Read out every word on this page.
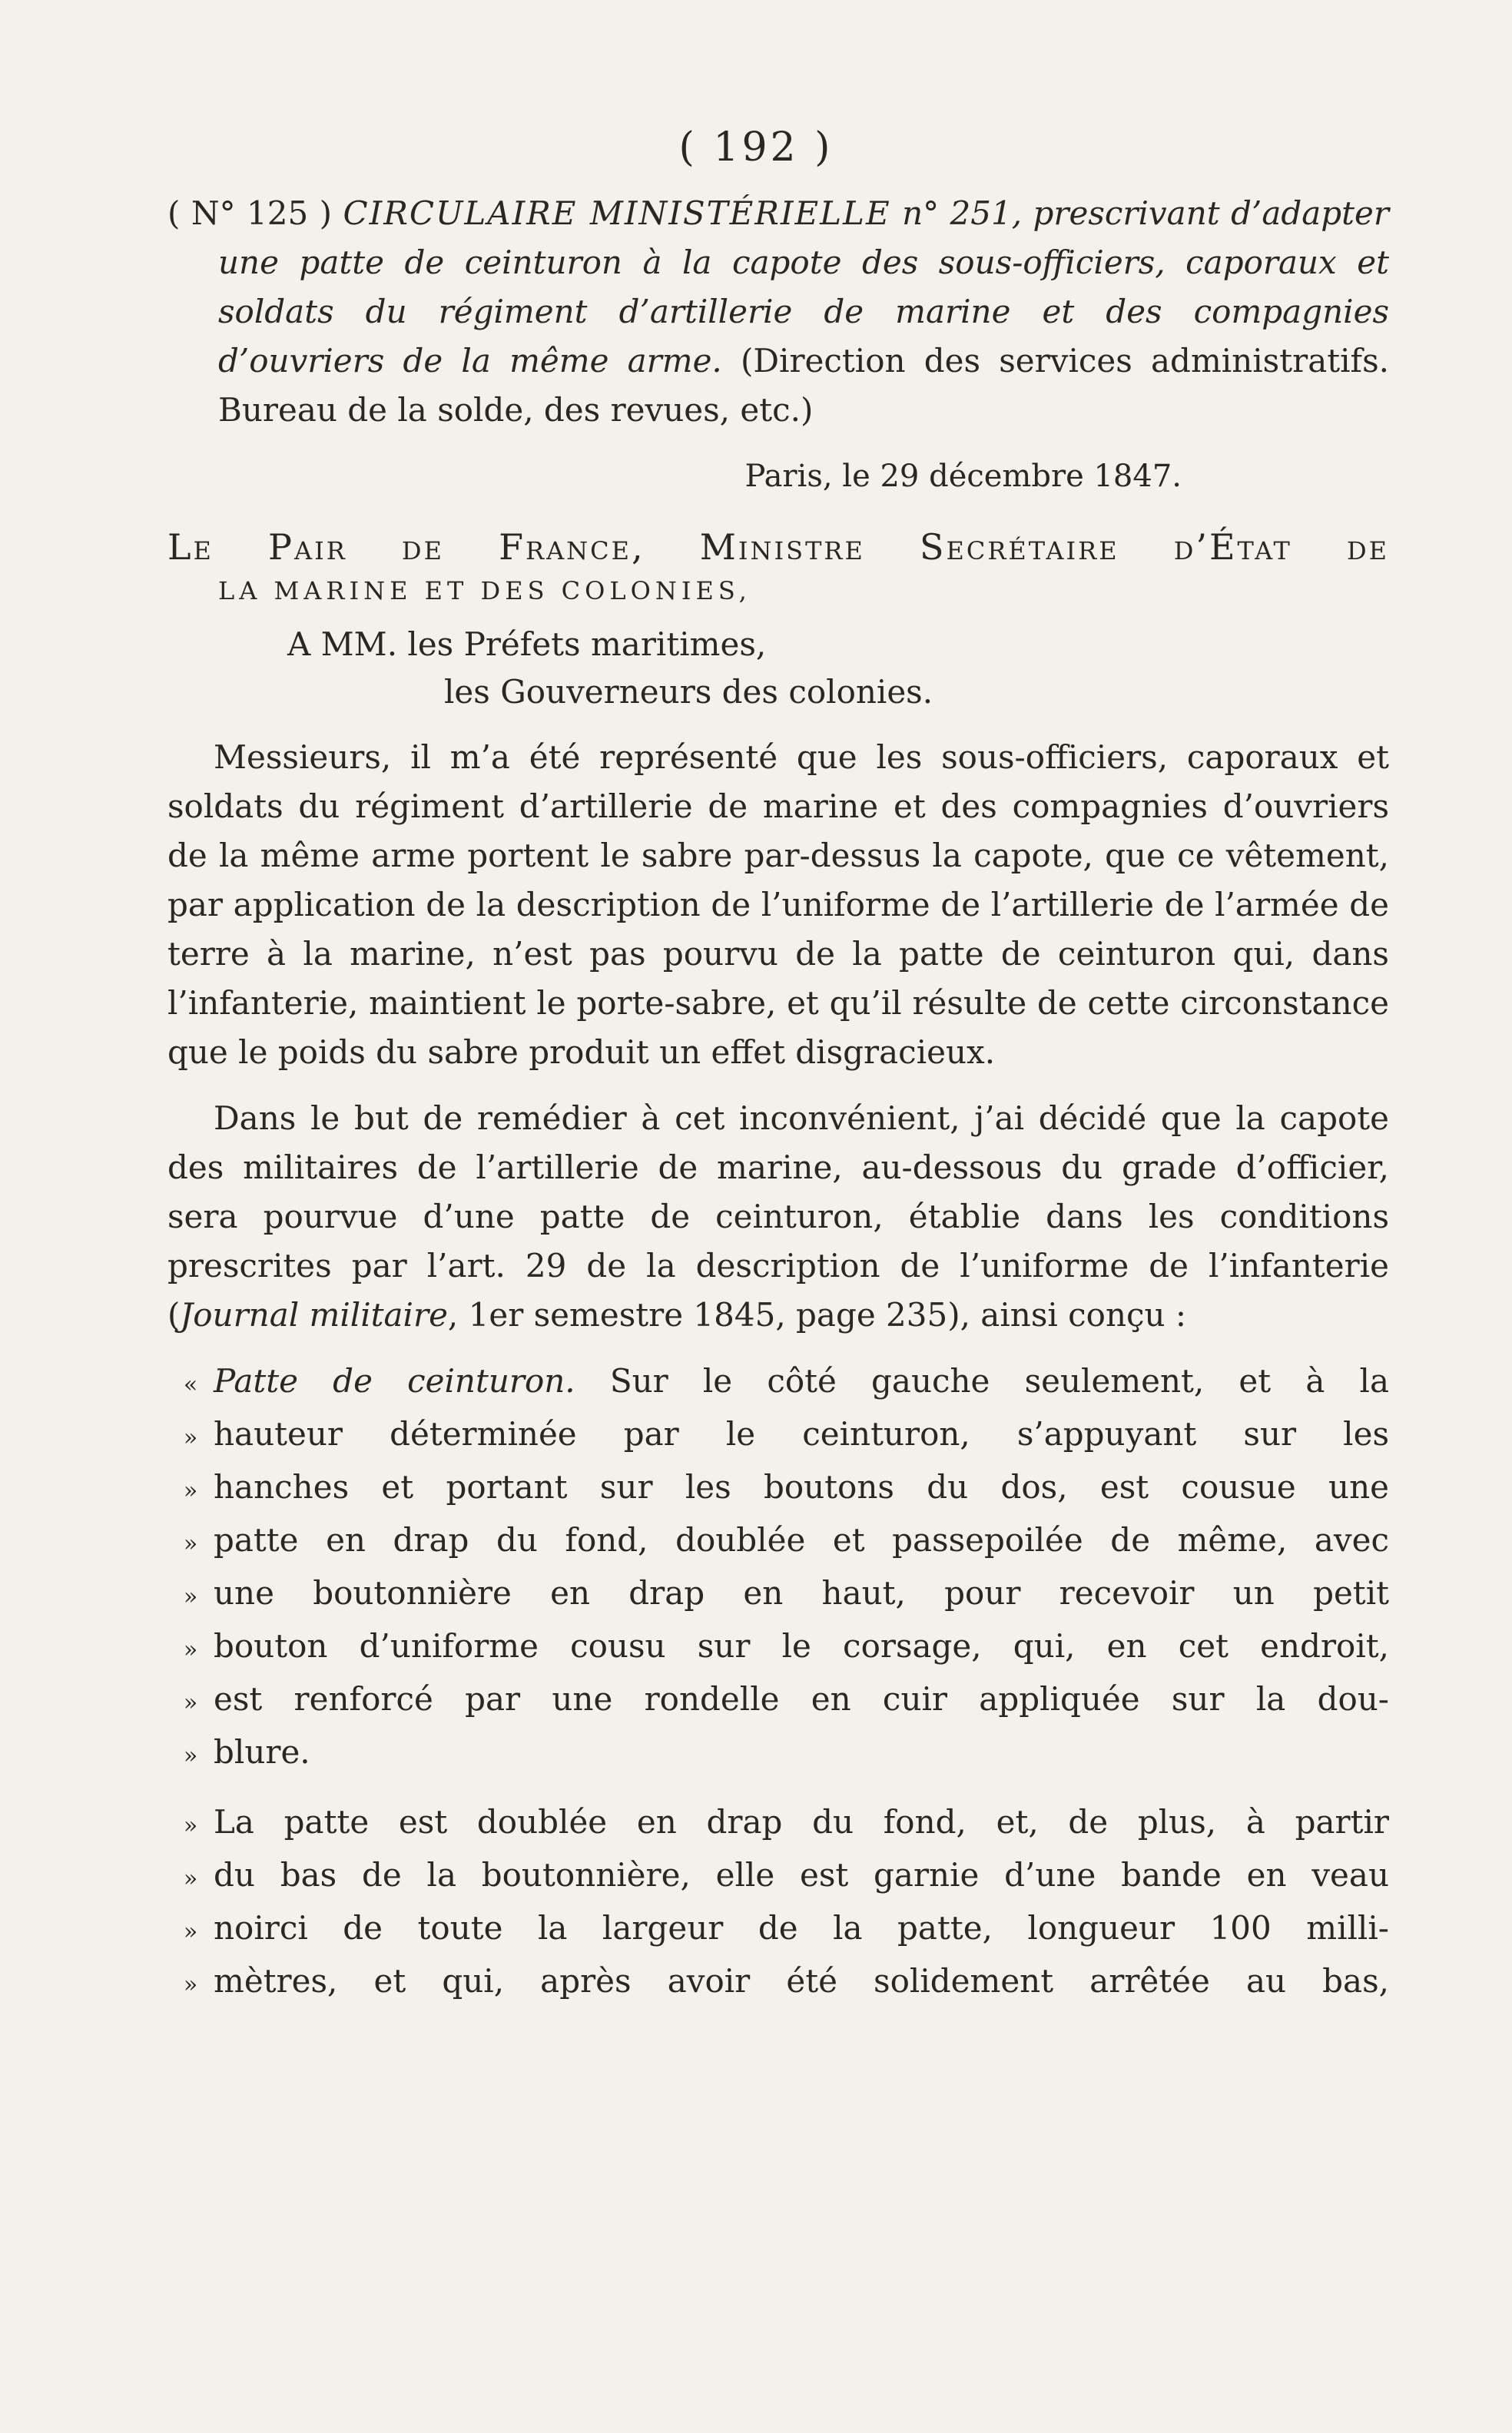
( 192 )
( N° 125 ) CIRCULAIRE MINISTÉRIELLE n° 251, prescrivant d’adapter une patte de ceinturon à la capote des sous-officiers, caporaux et soldats du régiment d’artillerie de marine et des compagnies d’ouvriers de la même arme. (Direction des services administratifs. Bureau de la solde, des revues, etc.)
Paris, le 29 décembre 1847.
Le Pair de France, Ministre Secrétaire d’État de
LA MARINE ET DES COLONIES,
A MM. les Préfets maritimes,
les Gouverneurs des colonies.

Messieurs, il m’a été représenté que les sous-officiers, caporaux et soldats du régiment d’artillerie de marine et des compagnies d’ouvriers de la même arme portent le sabre par-dessus la capote, que ce vêtement, par application de la description de l’uniforme de l’artillerie de l’armée de terre à la marine, n’est pas pourvu de la patte de ceinturon qui, dans l’infanterie, maintient le porte-sabre, et qu’il résulte de cette circonstance que le poids du sabre produit un effet disgracieux.

Dans le but de remédier à cet inconvénient, j’ai décidé que la capote des militaires de l’artillerie de marine, au-dessous du grade d’officier, sera pourvue d’une patte de ceinturon, établie dans les conditions prescrites par l’art. 29 de la description de l’uniforme de l’infanterie (Journal militaire, 1er semestre 1845, page 235), ainsi conçu :

« Patte de ceinturon. Sur le côté gauche seulement, et à la
» hauteur déterminée par le ceinturon, s’appuyant sur les
» hanches et portant sur les boutons du dos, est cousue une
» patte en drap du fond, doublée et passepoilée de même, avec
» une boutonnière en drap en haut, pour recevoir un petit
» bouton d’uniforme cousu sur le corsage, qui, en cet endroit,
» est renforcé par une rondelle en cuir appliquée sur la dou-
» blure.
» La patte est doublée en drap du fond, et, de plus, à partir
» du bas de la boutonnière, elle est garnie d’une bande en veau
» noirci de toute la largeur de la patte, longueur 100 milli-
» mètres, et qui, après avoir été solidement arrêtée au bas,
